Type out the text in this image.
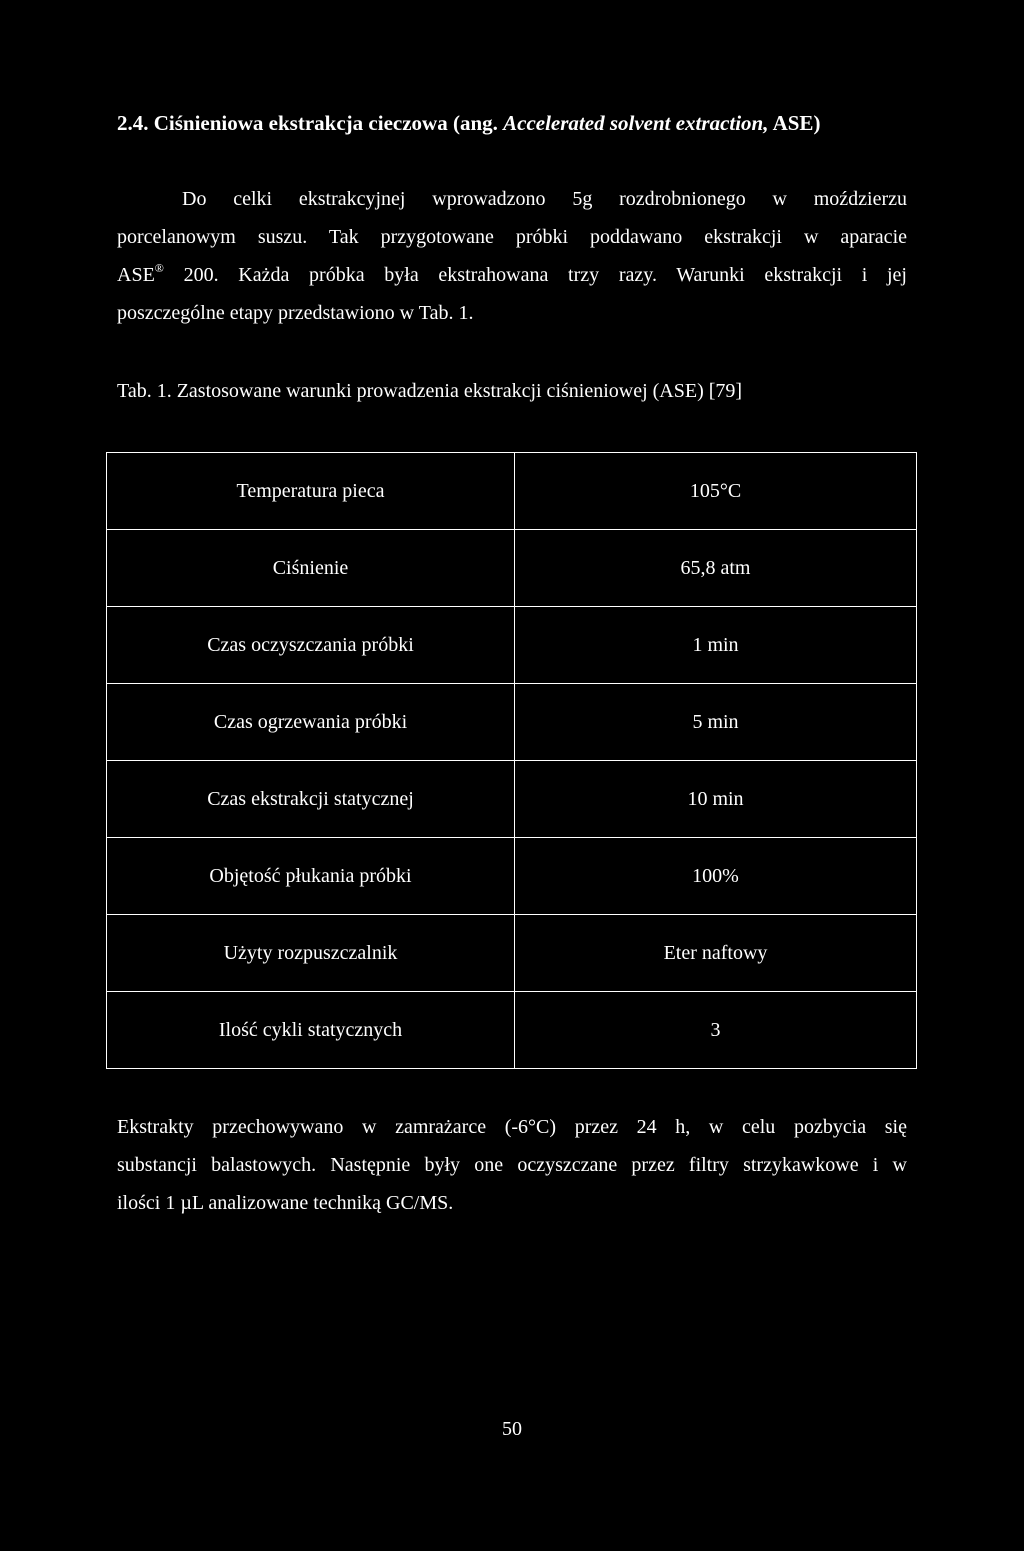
2.4. Ciśnieniowa ekstrakcja cieczowa (ang. Accelerated solvent extraction, ASE)
Do celki ekstrakcyjnej wprowadzono 5g rozdrobnionego w moździerzu
porcelanowym suszu. Tak przygotowane próbki poddawano ekstrakcji w aparacie
ASE® 200. Każda próbka była ekstrahowana trzy razy. Warunki ekstrakcji i jej
poszczególne etapy przedstawiono w Tab. 1.
Tab. 1. Zastosowane warunki prowadzenia ekstrakcji ciśnieniowej (ASE) [79]
Temperatura pieca	105°C
Ciśnienie	65,8 atm
Czas oczyszczania próbki	1 min
Czas ogrzewania próbki	5 min
Czas ekstrakcji statycznej	10 min
Objętość płukania próbki	100%
Użyty rozpuszczalnik	Eter naftowy
Ilość cykli statycznych	3
Ekstrakty przechowywano w zamrażarce (-6°C) przez 24 h, w celu pozbycia się
substancji balastowych. Następnie były one oczyszczane przez filtry strzykawkowe i w
ilości 1 µL analizowane techniką GC/MS.
50
